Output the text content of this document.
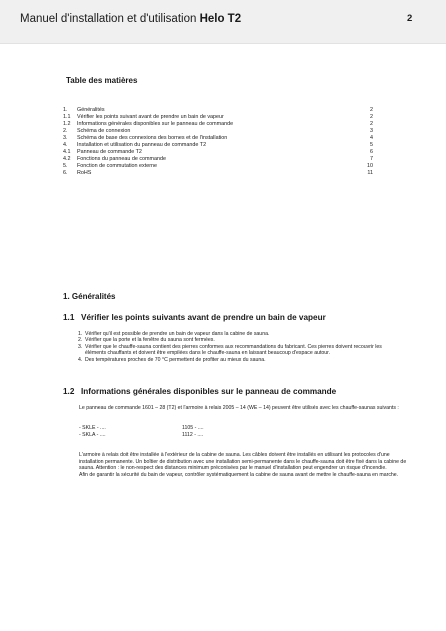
Manuel d'installation et d'utilisation Helo T2	2
Table des matières
1. Généralités	2
1.1 Vérifier les points suivant avant de prendre un bain de vapeur	2
1.2 Informations générales disponibles sur le panneau de commande	2
2. Schéma de connexion	3
3. Schéma de base des connexions des bornes et de l'installation	4
4. Installation et utilisation du panneau de commande T2	5
4.1 Panneau de commande T2	6
4.2 Fonctions du panneau de commande	7
5. Fonction de commutation externe	10
6. RoHS	11
1. Généralités
1.1 Vérifier les points suivants avant de prendre un bain de vapeur
1. Vérifier qu'il est possible de prendre un bain de vapeur dans la cabine de sauna.
2. Vérifier que la porte et la fenêtre du sauna sont fermées.
3. Vérifier que le chauffe-sauna contient des pierres conformes aux recommandations du fabricant. Ces pierres doivent recouvrir les éléments chauffants et doivent être empilées dans le chauffe-sauna en laissant beaucoup d'espace autour.
4. Des températures proches de 70 °C permettent de profiter au mieux du sauna.
1.2 Informations générales disponibles sur le panneau de commande
Le panneau de commande 1601 – 28 (T2) et l'armoire à relais 2005 – 14 (WE – 14) peuvent être utilisés avec les chauffe-saunas suivants :
- SKLE - ....	1105 - ....
- SKLA - ....	1112 - ....
L'armoire à relais doit être installée à l'extérieur de la cabine de sauna. Les câbles doivent être installés en utilisant les protocoles d'une installation permanente. Un boîtier de distribution avec une installation semi-permanente dans le chauffe-sauna doit être fixé dans la cabine de sauna. Attention : le non-respect des distances minimum préconisées par le manuel d'installation peut engendrer un risque d'incendie.
Afin de garantir la sécurité du bain de vapeur, contrôler systématiquement la cabine de sauna avant de mettre le chauffe-sauna en marche.
